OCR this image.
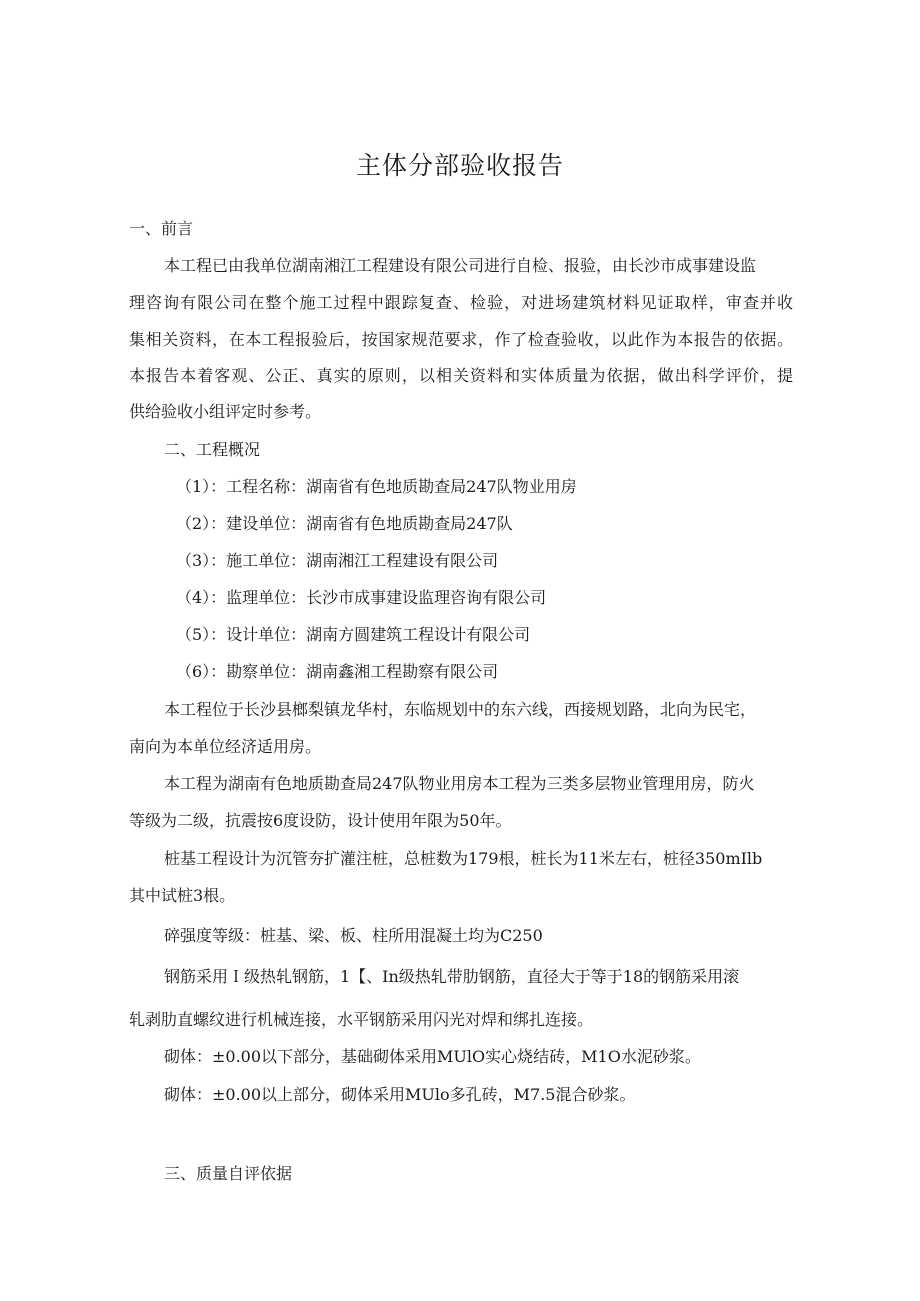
主体分部验收报告
一、前言
本工程已由我单位湖南湘江工程建设有限公司进行自检、报验，由长沙市成事建设监
理咨询有限公司在整个施工过程中跟踪复查、检验，对进场建筑材料见证取样，审查并收
集相关资料，在本工程报验后，按国家规范要求，作了检查验收，以此作为本报告的依据。
本报告本着客观、公正、真实的原则，以相关资料和实体质量为依据，做出科学评价，提
供给验收小组评定时参考。
二、工程概况
（1）：工程名称：湖南省有色地质勘查局247队物业用房
（2）：建设单位：湖南省有色地质勘查局247队
（3）：施工单位：湖南湘江工程建设有限公司
（4）：监理单位：长沙市成事建设监理咨询有限公司
（5）：设计单位：湖南方圆建筑工程设计有限公司
（6）：勘察单位：湖南鑫湘工程勘察有限公司
本工程位于长沙县榔梨镇龙华村，东临规划中的东六线，西接规划路，北向为民宅，
南向为本单位经济适用房。
本工程为湖南有色地质勘查局247队物业用房本工程为三类多层物业管理用房，防火
等级为二级，抗震按6度设防，设计使用年限为50年。
桩基工程设计为沉管夯扩灌注桩，总桩数为179根，桩长为11米左右，桩径350mIlb
其中试桩3根。
碎强度等级：桩基、梁、板、柱所用混凝土均为C250
钢筋采用Ｉ级热轧钢筋，1【、In级热轧带肋钢筋，直径大于等于18的钢筋采用滚
轧剥肋直螺纹进行机械连接，水平钢筋采用闪光对焊和绑扎连接。
砌体：±0.00以下部分，基础砌体采用MUlO实心烧结砖，M1O水泥砂浆。
砌体：±0.00以上部分，砌体采用MUlo多孔砖，M7.5混合砂浆。
三、质量自评依据
